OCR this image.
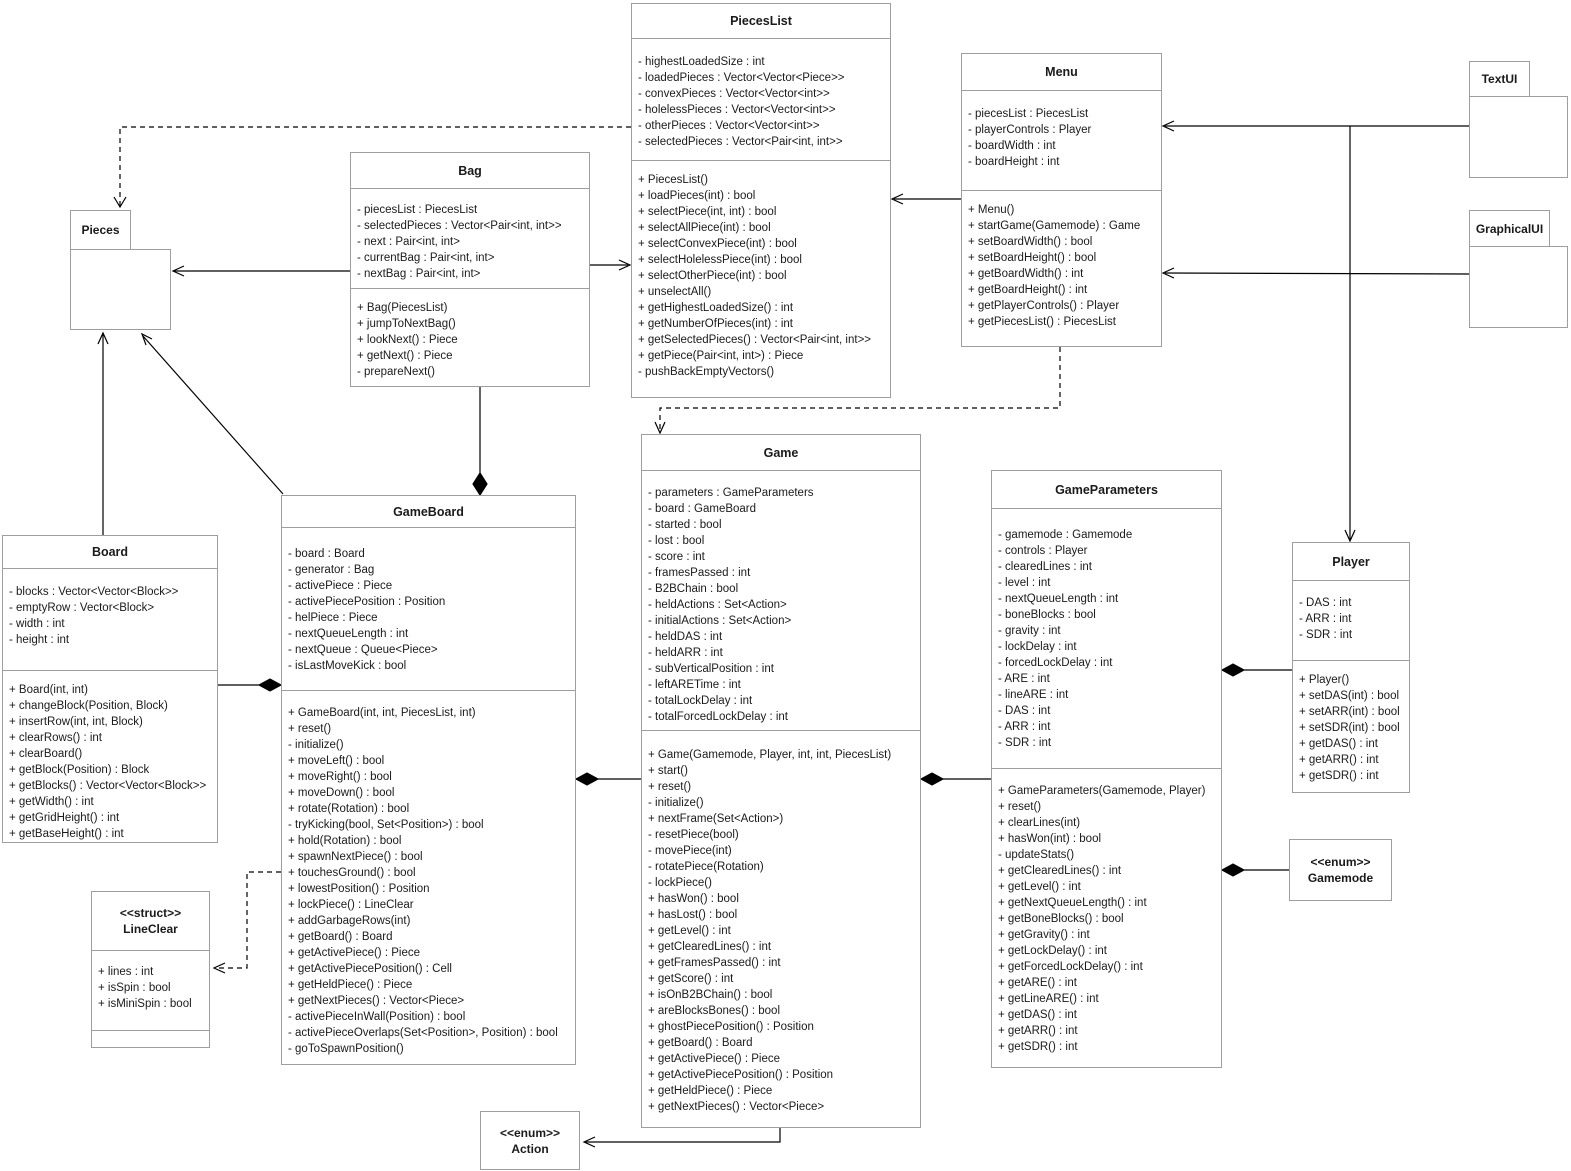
PiecesList
- highestLoadedSize : int
- loadedPieces : Vector<Vector<Piece>>
- convexPieces : Vector<Vector<int>>
- holelessPieces : Vector<Vector<int>>
- otherPieces : Vector<Vector<int>>
- selectedPieces : Vector<Pair<int, int>>
+ PiecesList()
+ loadPieces(int) : bool
+ selectPiece(int, int) : bool
+ selectAllPiece(int) : bool
+ selectConvexPiece(int) : bool
+ selectHolelessPiece(int) : bool
+ selectOtherPiece(int) : bool
+ unselectAll()
+ getHighestLoadedSize() : int
+ getNumberOfPieces(int) : int
+ getSelectedPieces() : Vector<Pair<int, int>>
+ getPiece(Pair<int, int>) : Piece
- pushBackEmptyVectors()
Menu
- piecesList : PiecesList
- playerControls : Player
- boardWidth : int
- boardHeight : int
+ Menu()
+ startGame(Gamemode) : Game
+ setBoardWidth() : bool
+ setBoardHeight() : bool
+ getBoardWidth() : int
+ getBoardHeight() : int
+ getPlayerControls() : Player
+ getPiecesList() : PiecesList
Bag
- piecesList : PiecesList
- selectedPieces : Vector<Pair<int, int>>
- next : Pair<int, int>
- currentBag : Pair<int, int>
- nextBag : Pair<int, int>
+ Bag(PiecesList)
+ jumpToNextBag()
+ lookNext() : Piece
+ getNext() : Piece
- prepareNext()
Board
- blocks : Vector<Vector<Block>>
- emptyRow : Vector<Block>
- width : int
- height : int
+ Board(int, int)
+ changeBlock(Position, Block)
+ insertRow(int, int, Block)
+ clearRows() : int
+ clearBoard()
+ getBlock(Position) : Block
+ getBlocks() : Vector<Vector<Block>>
+ getWidth() : int
+ getGridHeight() : int
+ getBaseHeight() : int
GameBoard
- board : Board
- generator : Bag
- activePiece : Piece
- activePiecePosition : Position
- helPiece : Piece
- nextQueueLength : int
- nextQueue : Queue<Piece>
- isLastMoveKick : bool
+ GameBoard(int, int, PiecesList, int)
+ reset()
- initialize()
+ moveLeft() : bool
+ moveRight() : bool
+ moveDown() : bool
+ rotate(Rotation) : bool
- tryKicking(bool, Set<Position>) : bool
+ hold(Rotation) : bool
+ spawnNextPiece() : bool
+ touchesGround() : bool
+ lowestPosition() : Position
+ lockPiece() : LineClear
+ addGarbageRows(int)
+ getBoard() : Board
+ getActivePiece() : Piece
+ getActivePiecePosition() : Cell
+ getHeldPiece() : Piece
+ getNextPieces() : Vector<Piece>
- activePieceInWall(Position) : bool
- activePieceOverlaps(Set<Position>, Position) : bool
- goToSpawnPosition()
Game
- parameters : GameParameters
- board : GameBoard
- started : bool
- lost : bool
- score : int
- framesPassed : int
- B2BChain : bool
- heldActions : Set<Action>
- initialActions : Set<Action>
- heldDAS : int
- heldARR : int
- subVerticalPosition : int
- leftARETime : int
- totalLockDelay : int
- totalForcedLockDelay : int
+ Game(Gamemode, Player, int, int, PiecesList)
+ start()
+ reset()
- initialize()
+ nextFrame(Set<Action>)
- resetPiece(bool)
- movePiece(int)
- rotatePiece(Rotation)
- lockPiece()
+ hasWon() : bool
+ hasLost() : bool
+ getLevel() : int
+ getClearedLines() : int
+ getFramesPassed() : int
+ getScore() : int
+ isOnB2BChain() : bool
+ areBlocksBones() : bool
+ ghostPiecePosition() : Position
+ getBoard() : Board
+ getActivePiece() : Piece
+ getActivePiecePosition() : Position
+ getHeldPiece() : Piece
+ getNextPieces() : Vector<Piece>
GameParameters
- gamemode : Gamemode
- controls : Player
- clearedLines : int
- level : int
- nextQueueLength : int
- boneBlocks : bool
- gravity : int
- lockDelay : int
- forcedLockDelay : int
- ARE : int
- lineARE : int
- DAS : int
- ARR : int
- SDR : int
+ GameParameters(Gamemode, Player)
+ reset()
+ clearLines(int)
+ hasWon(int) : bool
- updateStats()
+ getClearedLines() : int
+ getLevel() : int
+ getNextQueueLength() : int
+ getBoneBlocks() : bool
+ getGravity() : int
+ getLockDelay() : int
+ getForcedLockDelay() : int
+ getARE() : int
+ getLineARE() : int
+ getDAS() : int
+ getARR() : int
+ getSDR() : int
Player
- DAS : int
- ARR : int
- SDR : int
+ Player()
+ setDAS(int) : bool
+ setARR(int) : bool
+ setSDR(int) : bool
+ getDAS() : int
+ getARR() : int
+ getSDR() : int
<<struct>>
LineClear
+ lines : int
+ isSpin : bool
+ isMiniSpin : bool
Pieces
TextUI
GraphicalUI
<<enum>>
Gamemode
<<enum>>
Action
